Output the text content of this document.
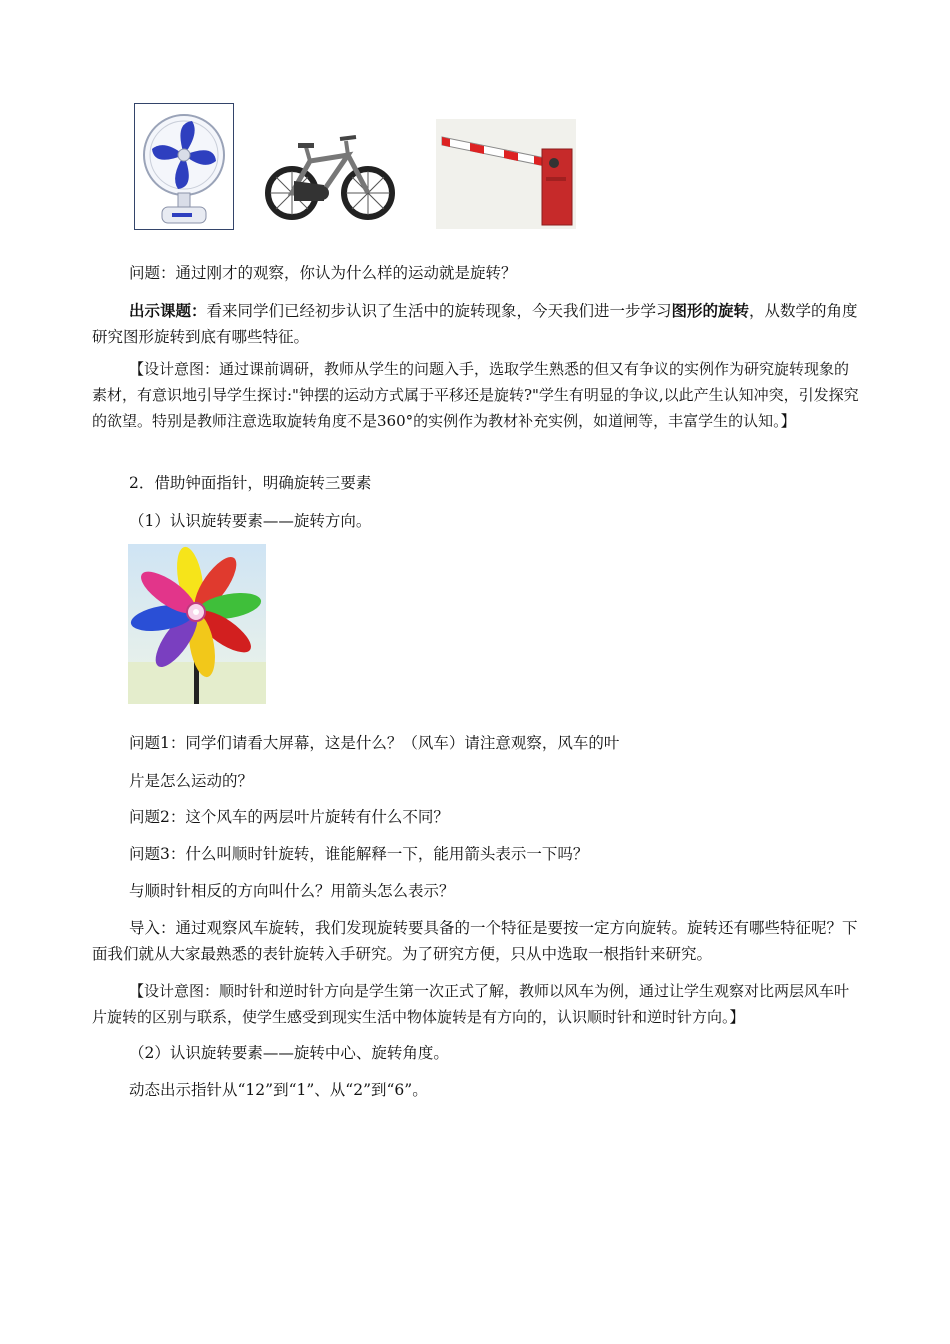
问题：通过刚才的观察，你认为什么样的运动就是旋转？
出示课题：看来同学们已经初步认识了生活中的旋转现象，今天我们进一步学习图形的旋转，从数学的角度研究图形旋转到底有哪些特征。
【设计意图：通过课前调研，教师从学生的问题入手，选取学生熟悉的但又有争议的实例作为研究旋转现象的素材，有意识地引导学生探讨:"钟摆的运动方式属于平移还是旋转?"学生有明显的争议,以此产生认知冲突，引发探究的欲望。特别是教师注意选取旋转角度不是360°的实例作为教材补充实例，如道闸等，丰富学生的认知。】
2．借助钟面指针，明确旋转三要素
（1）认识旋转要素——旋转方向。
问题1：同学们请看大屏幕，这是什么？（风车）请注意观察，风车的叶
片是怎么运动的？
问题2：这个风车的两层叶片旋转有什么不同？
问题3：什么叫顺时针旋转，谁能解释一下，能用箭头表示一下吗？
与顺时针相反的方向叫什么？用箭头怎么表示？
导入：通过观察风车旋转，我们发现旋转要具备的一个特征是要按一定方向旋转。旋转还有哪些特征呢？下面我们就从大家最熟悉的表针旋转入手研究。为了研究方便，只从中选取一根指针来研究。
【设计意图：顺时针和逆时针方向是学生第一次正式了解，教师以风车为例，通过让学生观察对比两层风车叶片旋转的区别与联系，使学生感受到现实生活中物体旋转是有方向的，认识顺时针和逆时针方向。】
（2）认识旋转要素——旋转中心、旋转角度。
动态出示指针从“12”到“1”、从“2”到“6”。
